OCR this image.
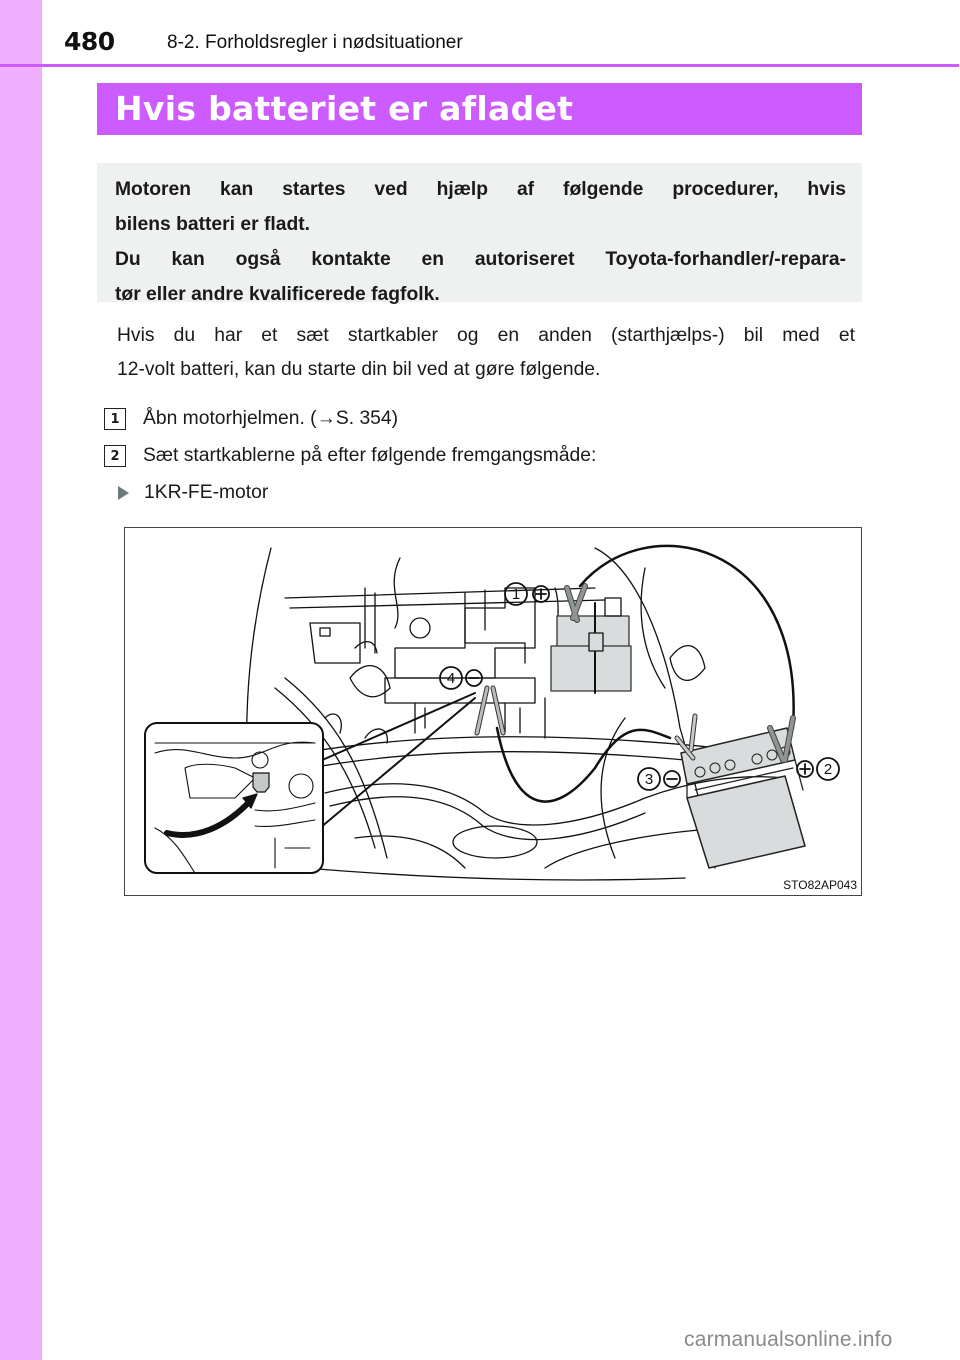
480	8-2. Forholdsregler i nødsituationer
Hvis batteriet er afladet

Motoren kan startes ved hjælp af følgende procedurer, hvis

bilens batteri er fladt.

Du kan også kontakte en autoriseret Toyota-forhandler/-repara-

tør eller andre kvalificerede fagfolk.

Hvis du har et sæt startkabler og en anden (starthjælps-) bil med et
12-volt batteri, kan du starte din bil ved at gøre følgende.
1	Åbn motorhjelmen. (→S. 354)
2	Sæt startkablerne på efter følgende fremgangsmåde:
1KR-FE-motor
1
4
3
2
STO82AP043
carmanualsonline.info
